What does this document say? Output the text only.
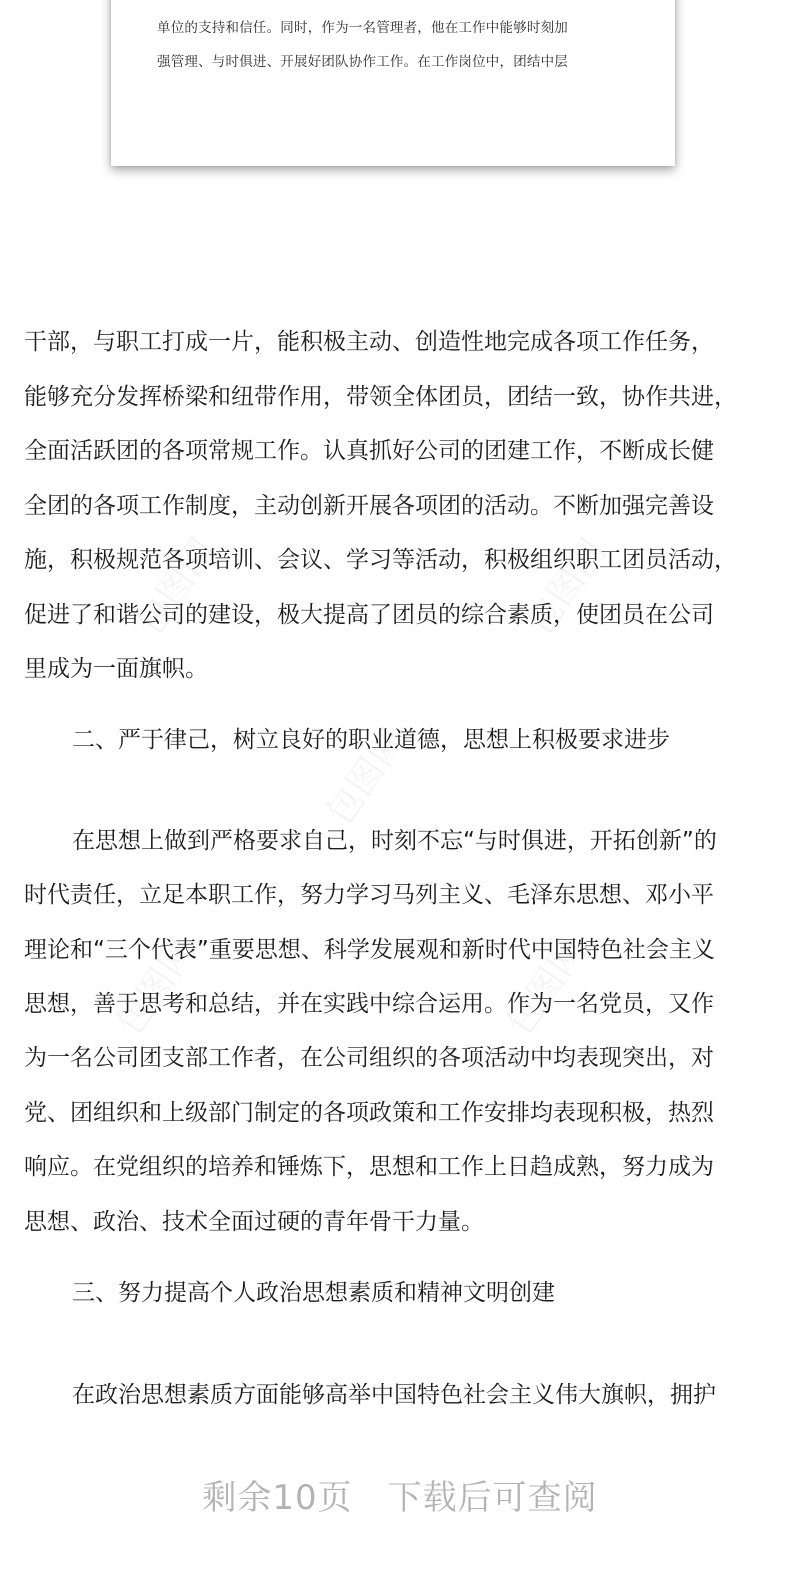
单位的支持和信任。同时，作为一名管理者，他在工作中能够时刻加
强管理、与时俱进、开展好团队协作工作。在工作岗位中，团结中层
干部，与职工打成一片，能积极主动、创造性地完成各项工作任务，
能够充分发挥桥梁和纽带作用，带领全体团员，团结一致，协作共进，
全面活跃团的各项常规工作。认真抓好公司的团建工作，不断成长健
全团的各项工作制度，主动创新开展各项团的活动。不断加强完善设
施，积极规范各项培训、会议、学习等活动，积极组织职工团员活动，
促进了和谐公司的建设，极大提高了团员的综合素质，使团员在公司
里成为一面旗帜。
二、严于律己，树立良好的职业道德，思想上积极要求进步
在思想上做到严格要求自己，时刻不忘“与时俱进，开拓创新”的
时代责任，立足本职工作，努力学习马列主义、毛泽东思想、邓小平
理论和“三个代表”重要思想、科学发展观和新时代中国特色社会主义
思想，善于思考和总结，并在实践中综合运用。作为一名党员，又作
为一名公司团支部工作者，在公司组织的各项活动中均表现突出，对
党、团组织和上级部门制定的各项政策和工作安排均表现积极，热烈
响应。在党组织的培养和锤炼下，思想和工作上日趋成熟，努力成为
思想、政治、技术全面过硬的青年骨干力量。
三、努力提高个人政治思想素质和精神文明创建
在政治思想素质方面能够高举中国特色社会主义伟大旗帜，拥护
剩余10页　下载后可查阅
